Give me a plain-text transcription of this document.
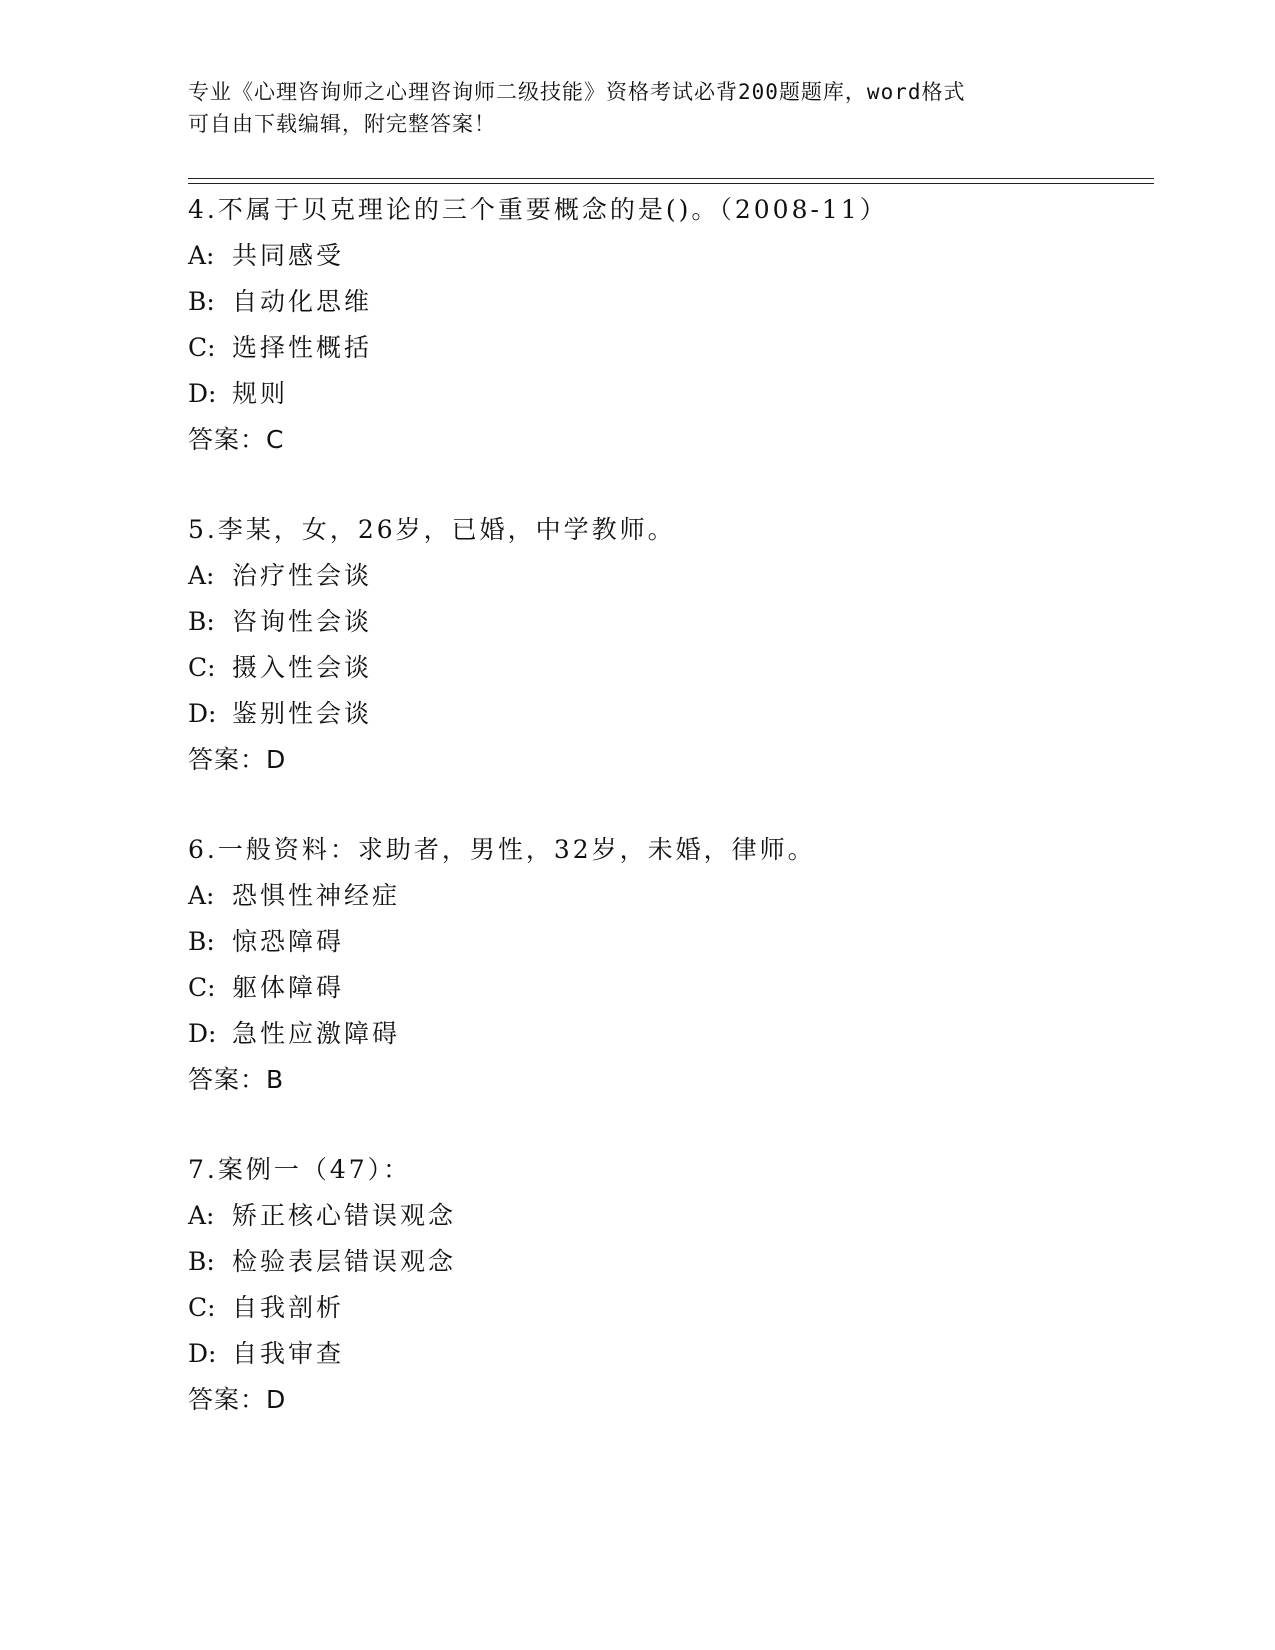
专业《心理咨询师之心理咨询师二级技能》资格考试必背200题题库，word格式
可自由下载编辑，附完整答案！
4.不属于贝克理论的三个重要概念的是()。（2008-11）
A: 共同感受
B: 自动化思维
C: 选择性概括
D: 规则
答案：C
5.李某，女，26岁，已婚，中学教师。
A: 治疗性会谈
B: 咨询性会谈
C: 摄入性会谈
D: 鉴别性会谈
答案：D
6.一般资料：求助者，男性，32岁，未婚，律师。
A: 恐惧性神经症
B: 惊恐障碍
C: 躯体障碍
D: 急性应激障碍
答案：B
7.案例一（47）：
A: 矫正核心错误观念
B: 检验表层错误观念
C: 自我剖析
D: 自我审查
答案：D
